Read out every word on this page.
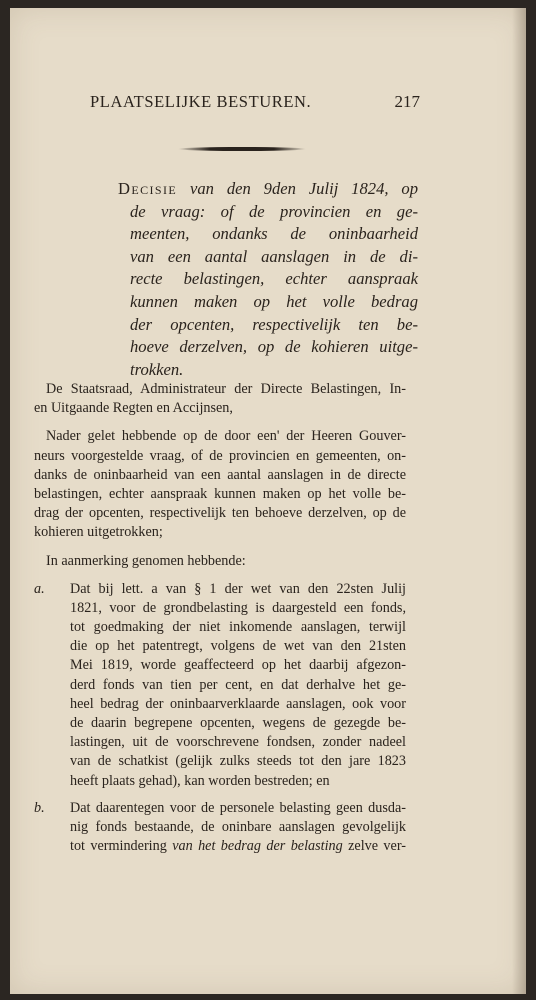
PLAATSELIJKE BESTUREN.	217
Decisie van den 9den Julij 1824, op
de vraag: of de provincien en ge-
meenten, ondanks de oninbaarheid
van een aantal aanslagen in de di-
recte belastingen, echter aanspraak
kunnen maken op het volle bedrag
der opcenten, respectivelijk ten be-
hoeve derzelven, op de kohieren uitge-
trokken.
De Staatsraad, Administrateur der Directe Belastingen, In-
en Uitgaande Regten en Accijnsen,
Nader gelet hebbende op de door een' der Heeren Gouver-
neurs voorgestelde vraag, of de provincien en gemeenten, on-
danks de oninbaarheid van een aantal aanslagen in de directe
belastingen, echter aanspraak kunnen maken op het volle be-
drag der opcenten, respectivelijk ten behoeve derzelven, op de
kohieren uitgetrokken;
In aanmerking genomen hebbende:
a. Dat bij lett. a van § 1 der wet van den 22sten Julij
1821, voor de grondbelasting is daargesteld een fonds,
tot goedmaking der niet inkomende aanslagen, terwijl
die op het patentregt, volgens de wet van den 21sten
Mei 1819, worde geaffecteerd op het daarbij afgezon-
derd fonds van tien per cent, en dat derhalve het ge-
heel bedrag der oninbaarverklaarde aanslagen, ook voor
de daarin begrepene opcenten, wegens de gezegde be-
lastingen, uit de voorschrevene fondsen, zonder nadeel
van de schatkist (gelijk zulks steeds tot den jare 1823
heeft plaats gehad), kan worden bestreden; en
b. Dat daarentegen voor de personele belasting geen dusda-
nig fonds bestaande, de oninbare aanslagen gevolgelijk
tot vermindering van het bedrag der belasting zelve ver-
